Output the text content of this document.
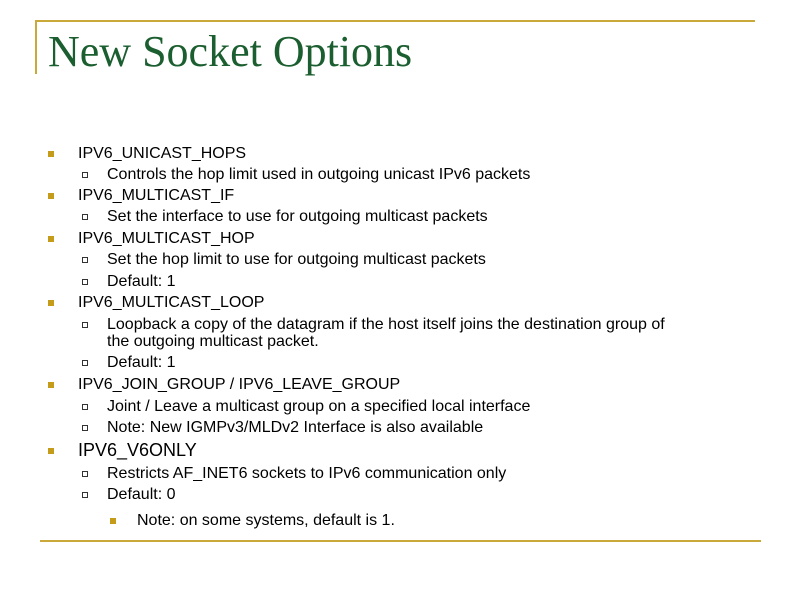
New Socket Options
IPV6_UNICAST_HOPS
Controls the hop limit used in outgoing unicast IPv6 packets
IPV6_MULTICAST_IF
Set the interface to use for outgoing multicast packets
IPV6_MULTICAST_HOP
Set the hop limit to use for outgoing multicast packets
Default: 1
IPV6_MULTICAST_LOOP
Loopback a copy of the datagram if the host itself joins the destination group of
the outgoing multicast packet.
Default: 1
IPV6_JOIN_GROUP / IPV6_LEAVE_GROUP
Joint / Leave a multicast group on a specified local interface
Note: New IGMPv3/MLDv2 Interface is also available
IPV6_V6ONLY
Restricts AF_INET6 sockets to IPv6 communication only
Default: 0
Note: on some systems, default is 1.
